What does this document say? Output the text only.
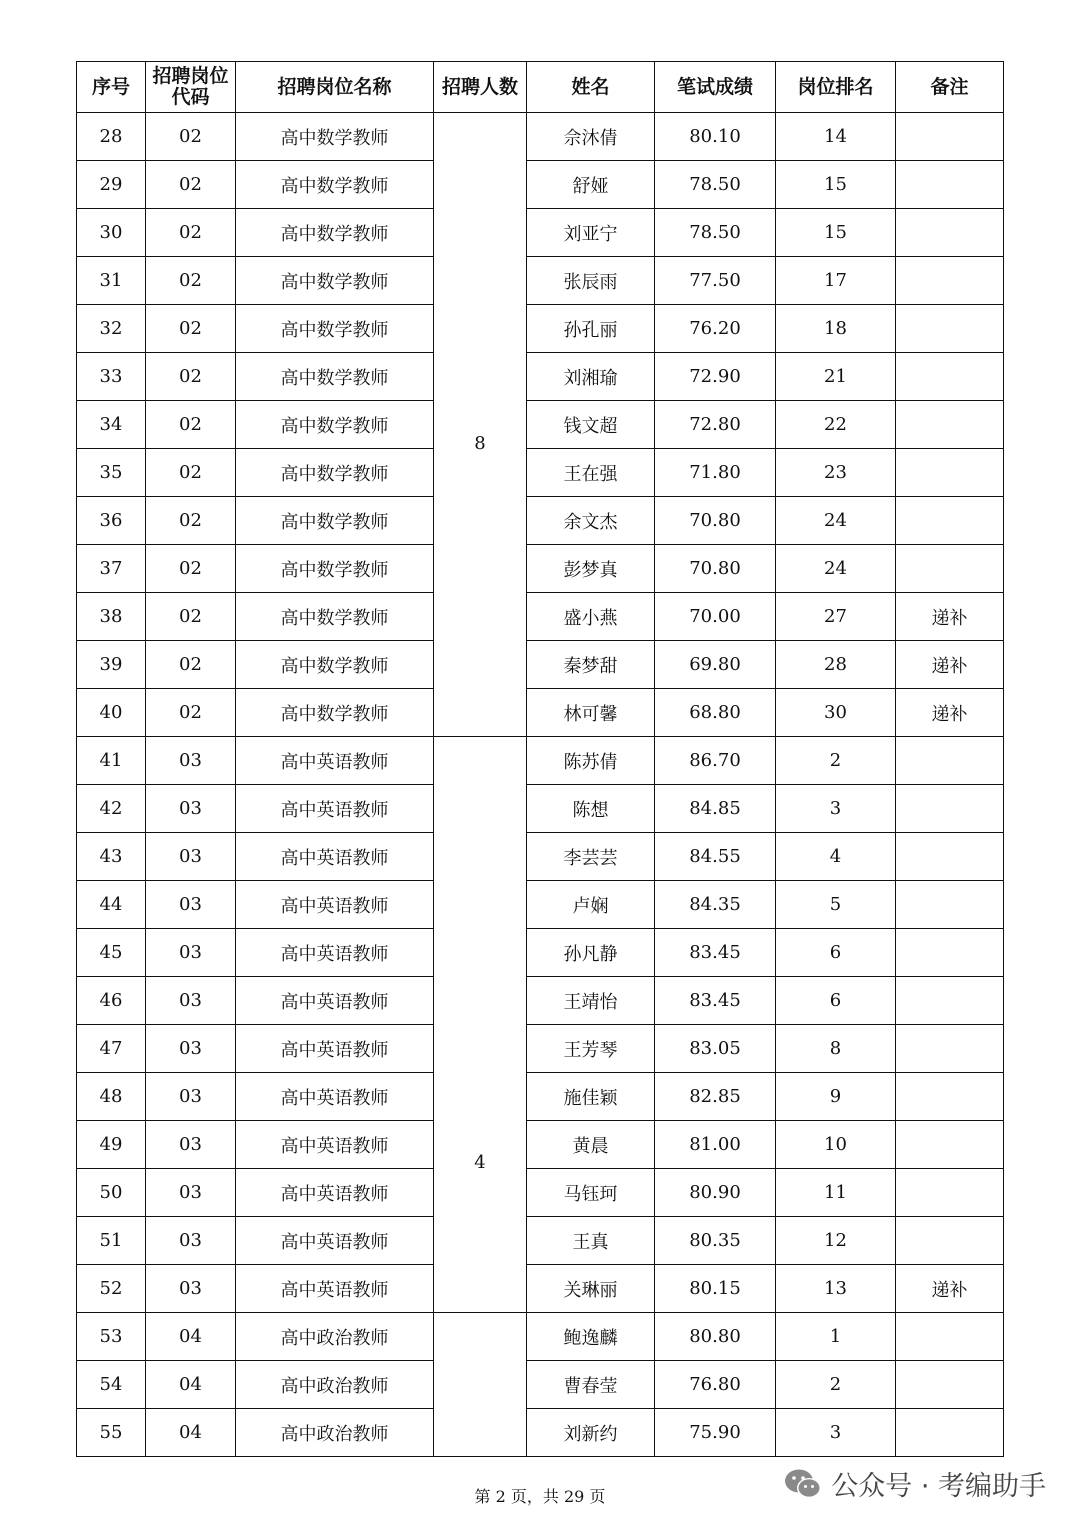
序号	招聘岗位代码	招聘岗位名称	招聘人数	姓名	笔试成绩	岗位排名	备注
28	02	高中数学教师	8	佘沐倩	80.10	14	
29	02	高中数学教师		舒娅	78.50	15	
30	02	高中数学教师		刘亚宁	78.50	15	
31	02	高中数学教师		张辰雨	77.50	17	
32	02	高中数学教师		孙孔丽	76.20	18	
33	02	高中数学教师		刘湘瑜	72.90	21	
34	02	高中数学教师		钱文超	72.80	22	
35	02	高中数学教师		王在强	71.80	23	
36	02	高中数学教师		余文杰	70.80	24	
37	02	高中数学教师		彭梦真	70.80	24	
38	02	高中数学教师		盛小燕	70.00	27	递补
39	02	高中数学教师		秦梦甜	69.80	28	递补
40	02	高中数学教师		林可馨	68.80	30	递补
41	03	高中英语教师	4	陈苏倩	86.70	2	
42	03	高中英语教师		陈想	84.85	3	
43	03	高中英语教师		李芸芸	84.55	4	
44	03	高中英语教师		卢娴	84.35	5	
45	03	高中英语教师		孙凡静	83.45	6	
46	03	高中英语教师		王靖怡	83.45	6	
47	03	高中英语教师		王芳琴	83.05	8	
48	03	高中英语教师		施佳颖	82.85	9	
49	03	高中英语教师		黄晨	81.00	10	
50	03	高中英语教师		马钰珂	80.90	11	
51	03	高中英语教师		王真	80.35	12	
52	03	高中英语教师		关琳丽	80.15	13	递补
53	04	高中政治教师		鲍逸麟	80.80	1	
54	04	高中政治教师		曹春莹	76.80	2	
55	04	高中政治教师		刘新约	75.90	3	
第 2 页，共 29 页	公众号 · 考编助手
